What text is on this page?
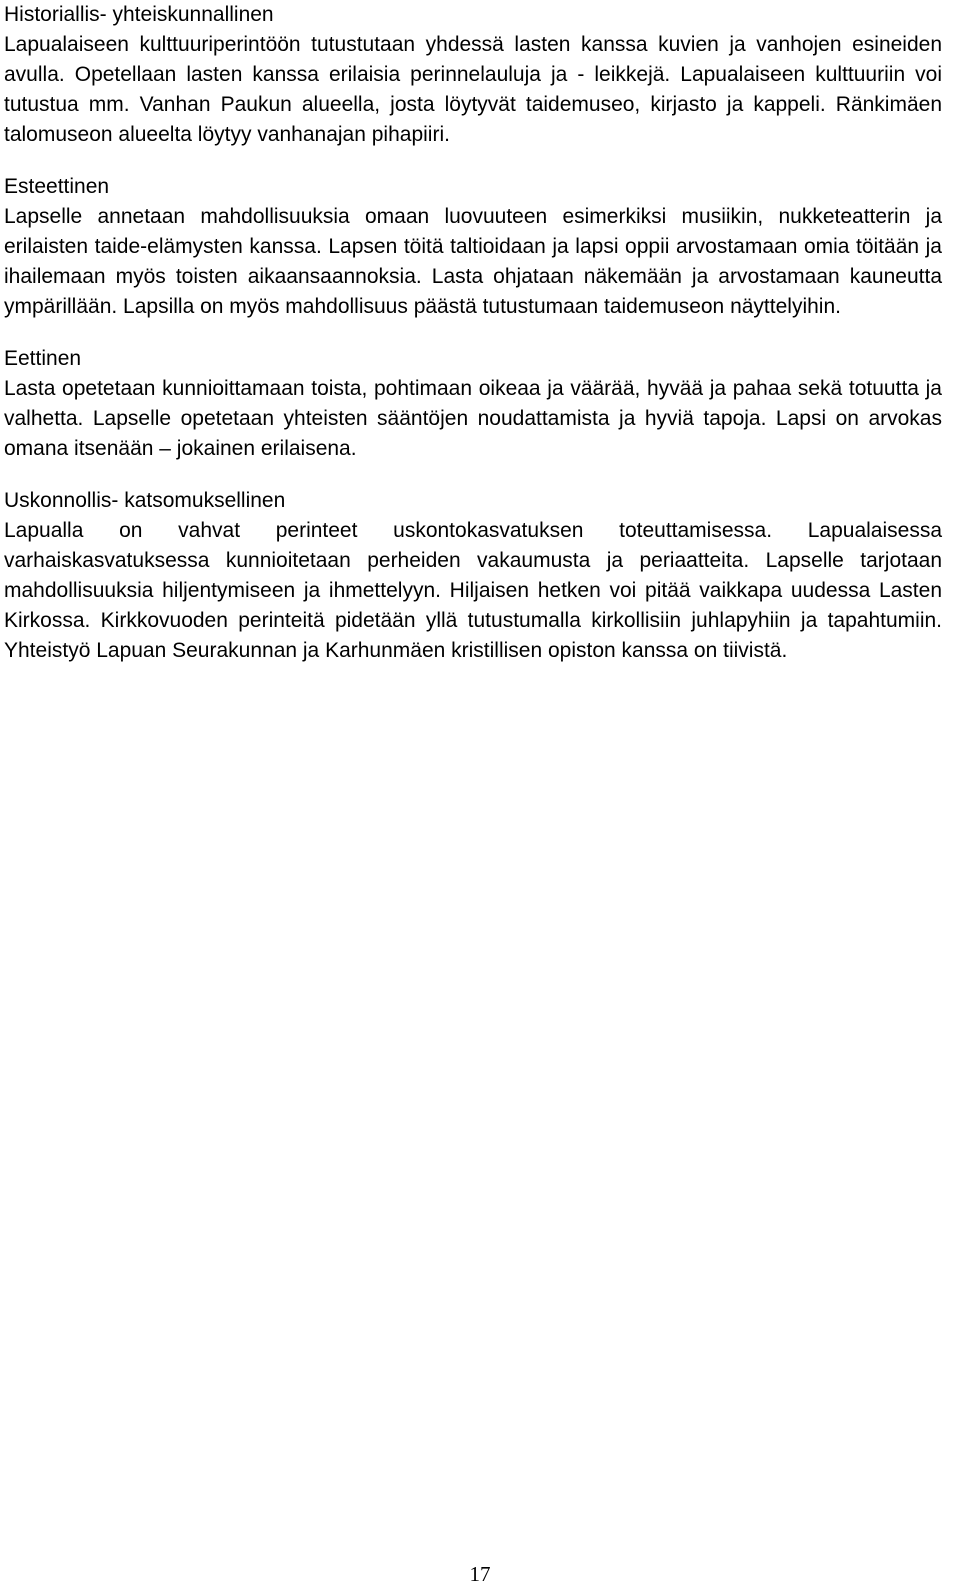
Historiallis- yhteiskunnallinen

Lapualaiseen kulttuuriperintöön tutustutaan yhdessä lasten kanssa kuvien ja vanhojen esineiden avulla. Opetellaan lasten kanssa erilaisia perinnelauluja ja - leikkejä. Lapualaiseen kulttuuriin voi tutustua mm. Vanhan Paukun alueella, josta löytyvät taidemuseo, kirjasto ja kappeli. Ränkimäen talomuseon alueelta löytyy vanhanajan pihapiiri.

Esteettinen

Lapselle annetaan mahdollisuuksia omaan luovuuteen esimerkiksi musiikin, nukketeatterin ja erilaisten taide-elämysten kanssa. Lapsen töitä taltioidaan ja lapsi oppii arvostamaan omia töitään ja ihailemaan myös toisten aikaansaannoksia. Lasta ohjataan näkemään ja arvostamaan kauneutta ympärillään. Lapsilla on myös mahdollisuus päästä tutustumaan taidemuseon näyttelyihin.

Eettinen

Lasta opetetaan kunnioittamaan toista, pohtimaan oikeaa ja väärää, hyvää ja pahaa sekä totuutta ja valhetta. Lapselle opetetaan yhteisten sääntöjen noudattamista ja hyviä tapoja. Lapsi on arvokas omana itsenään – jokainen erilaisena.

Uskonnollis- katsomuksellinen

Lapualla on vahvat perinteet uskontokasvatuksen toteuttamisessa. Lapualaisessa varhaiskasvatuksessa kunnioitetaan perheiden vakaumusta ja periaatteita. Lapselle tarjotaan mahdollisuuksia hiljentymiseen ja ihmettelyyn. Hiljaisen hetken voi pitää vaikkapa uudessa Lasten Kirkossa. Kirkkovuoden perinteitä pidetään yllä tutustumalla kirkollisiin juhlapyhiin ja tapahtumiin. Yhteistyö Lapuan Seurakunnan ja Karhunmäen kristillisen opiston kanssa on tiivistä.

17
